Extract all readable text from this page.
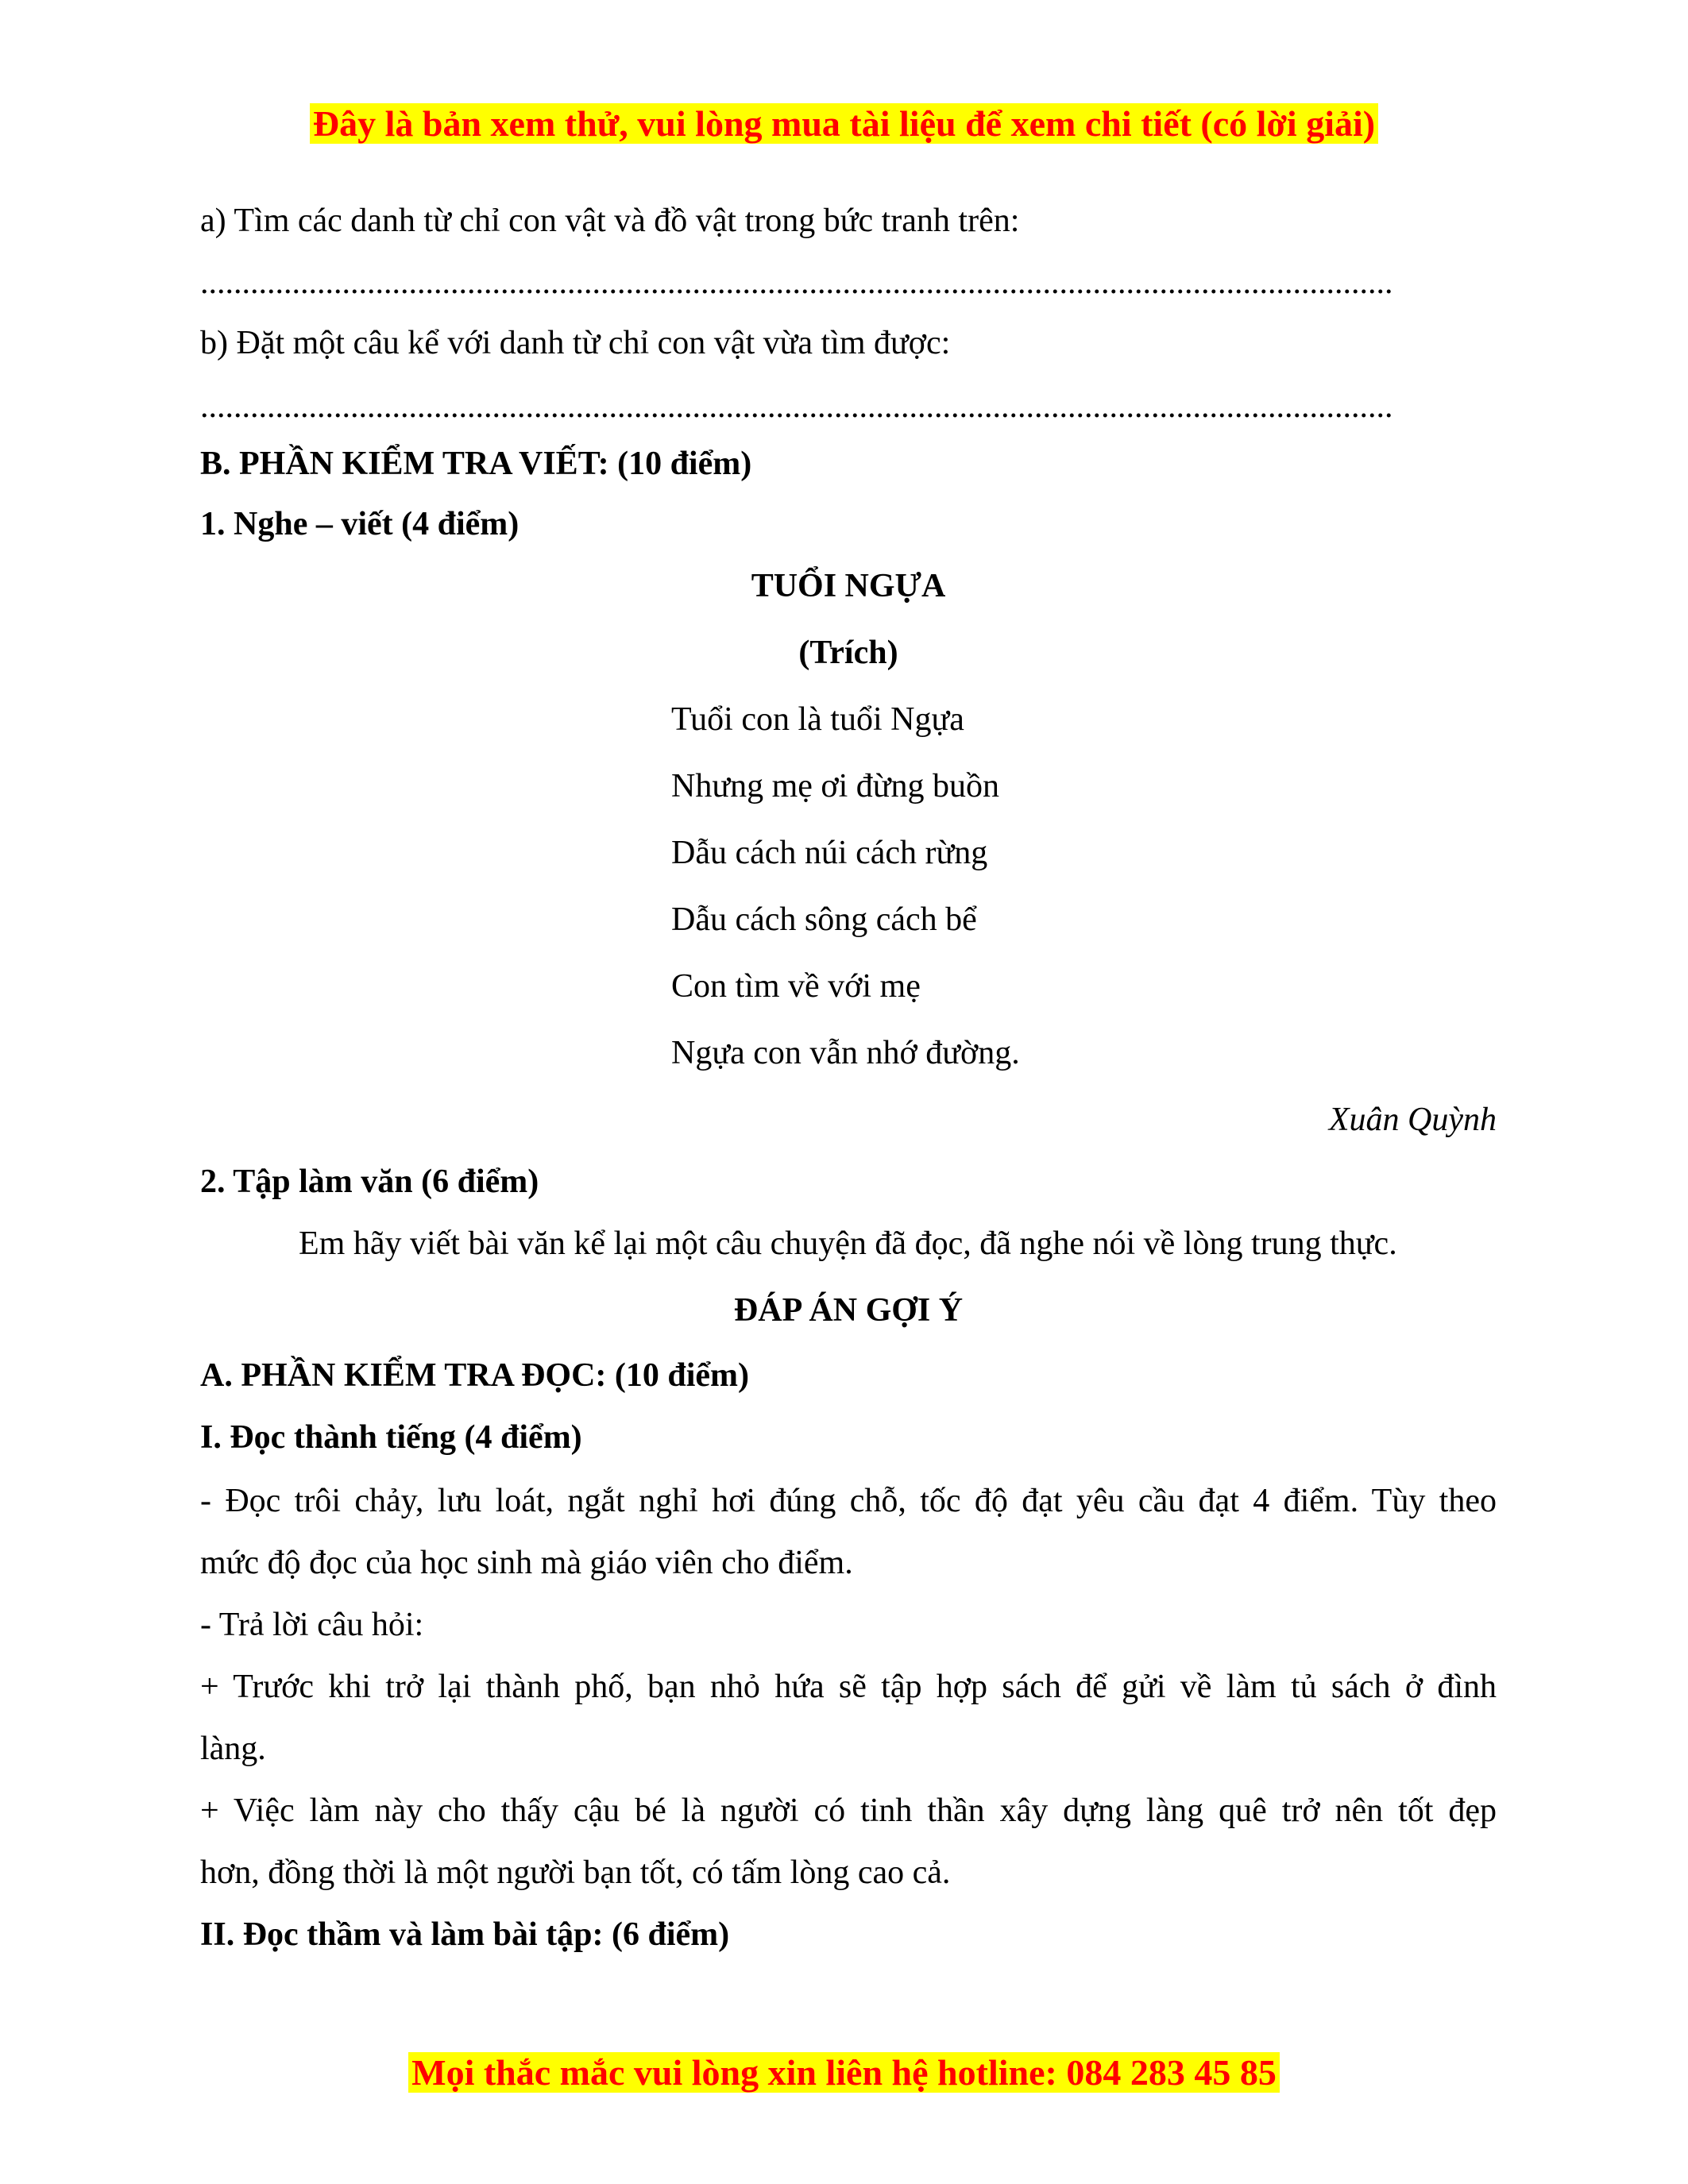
Đây là bản xem thử, vui lòng mua tài liệu để xem chi tiết (có lời giải)
a) Tìm các danh từ chỉ con vật và đồ vật trong bức tranh trên:
...............................................................................................................................................
b) Đặt một câu kể với danh từ chỉ con vật vừa tìm được:
...............................................................................................................................................
B. PHẦN KIỂM TRA VIẾT: (10 điểm)
1. Nghe – viết (4 điểm)
TUỔI NGỰA
(Trích)
Tuổi con là tuổi Ngựa
Nhưng mẹ ơi đừng buồn
Dẫu cách núi cách rừng
Dẫu cách sông cách bể
Con tìm về với mẹ
Ngựa con vẫn nhớ đường.
Xuân Quỳnh
2. Tập làm văn (6 điểm)
Em hãy viết bài văn kể lại một câu chuyện đã đọc, đã nghe nói về lòng trung thực.
ĐÁP ÁN GỢI Ý
A. PHẦN KIỂM TRA ĐỌC: (10 điểm)
I. Đọc thành tiếng (4 điểm)
- Đọc trôi chảy, lưu loát, ngắt nghỉ hơi đúng chỗ, tốc độ đạt yêu cầu đạt 4 điểm. Tùy theo
mức độ đọc của học sinh mà giáo viên cho điểm.
- Trả lời câu hỏi:
+ Trước khi trở lại thành phố, bạn nhỏ hứa sẽ tập hợp sách để gửi về làm tủ sách ở đình
làng.
+ Việc làm này cho thấy cậu bé là người có tinh thần xây dựng làng quê trở nên tốt đẹp
hơn, đồng thời là một người bạn tốt, có tấm lòng cao cả.
II. Đọc thầm và làm bài tập: (6 điểm)
Mọi thắc mắc vui lòng xin liên hệ hotline: 084 283 45 85
